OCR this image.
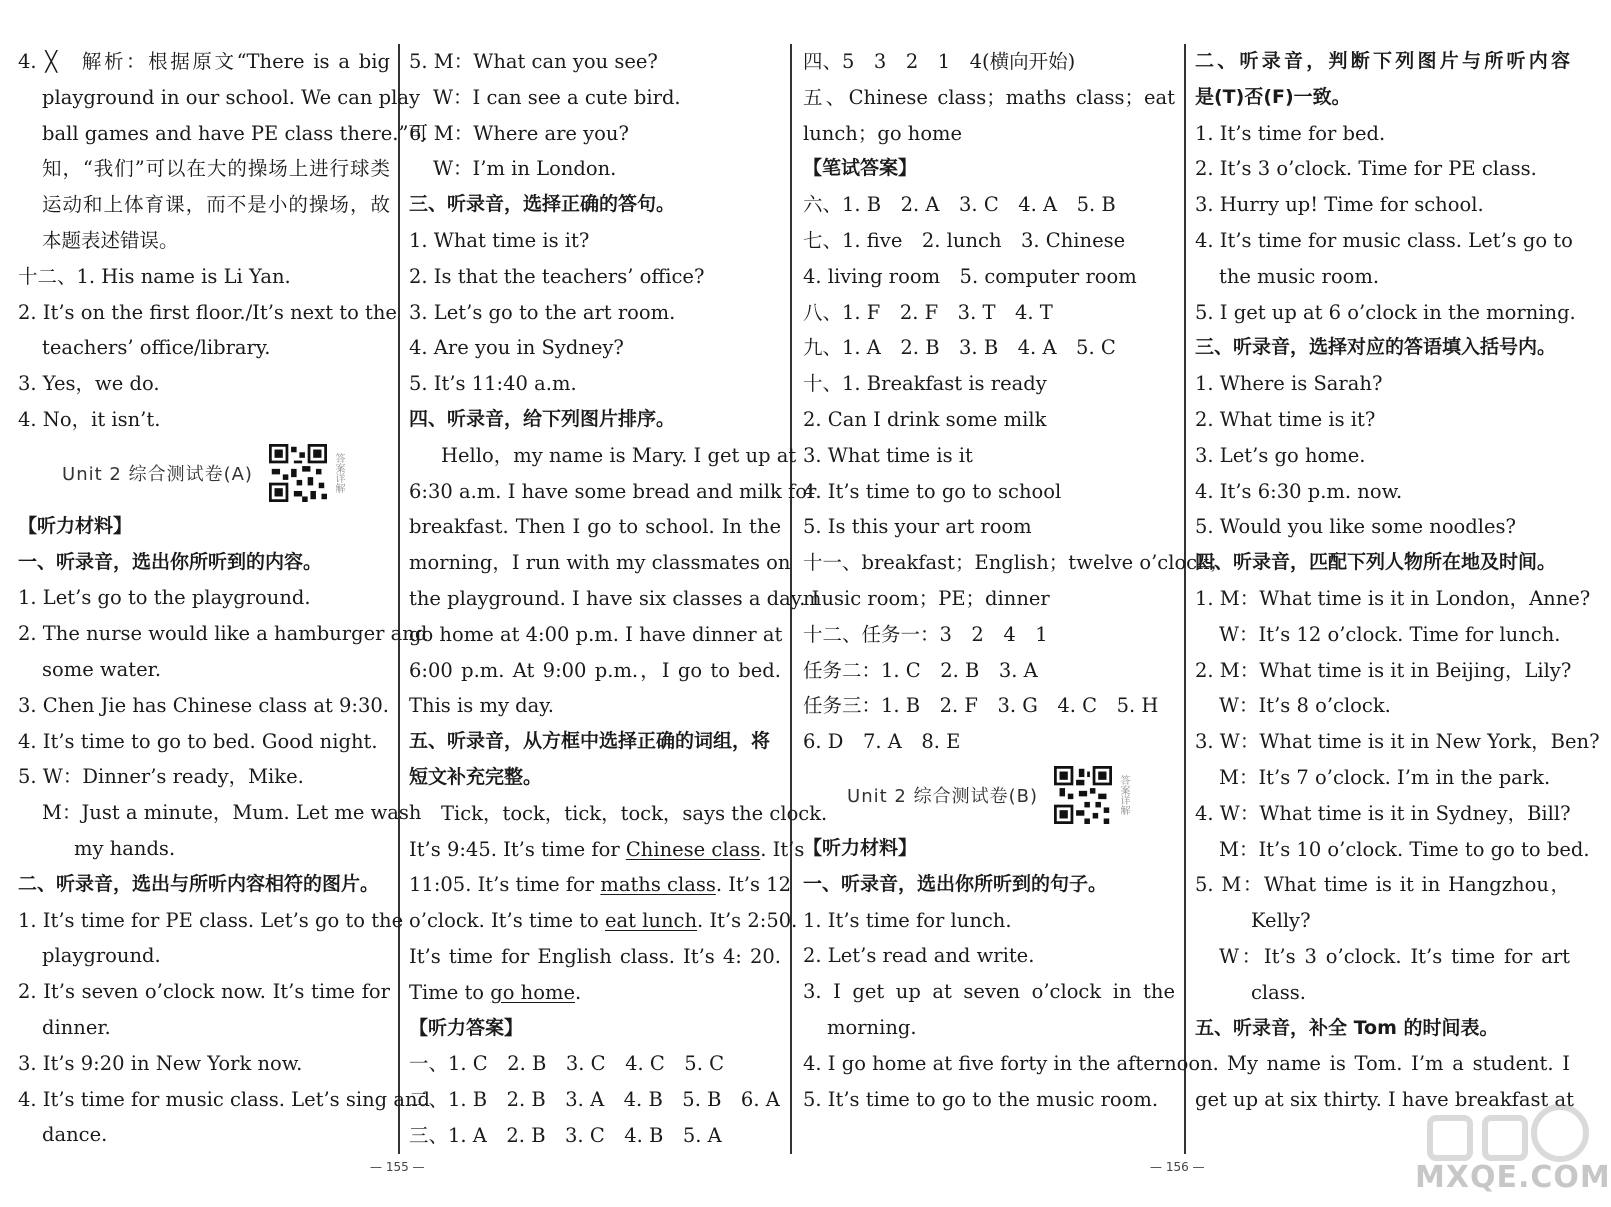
4. ╳　解析：根据原文“There is a big
playground in our school. We can play
ball games and have PE class there.”可
知，“我们”可以在大的操场上进行球类
运动和上体育课，而不是小的操场，故
本题表述错误。
十二、1. His name is Li Yan.
2. It’s on the first floor./It’s next to the
teachers’ office/library.
3. Yes，we do.
4. No，it isn’t.
Unit 2 综合测试卷(A)	答案详解
【听力材料】
一、听录音，选出你所听到的内容。
1. Let’s go to the playground.
2. The nurse would like a hamburger and
some water.
3. Chen Jie has Chinese class at 9:30.
4. It’s time to go to bed. Good night.
5. W：Dinner’s ready，Mike.
M：Just a minute，Mum. Let me wash
my hands.
二、听录音，选出与所听内容相符的图片。
1. It’s time for PE class. Let’s go to the
playground.
2. It’s seven o’clock now. It’s time for
dinner.
3. It’s 9:20 in New York now.
4. It’s time for music class. Let’s sing and
dance.
5. M：What can you see?
W：I can see a cute bird.
6. M：Where are you?
W：I’m in London.
三、听录音，选择正确的答句。
1. What time is it?
2. Is that the teachers’ office?
3. Let’s go to the art room.
4. Are you in Sydney?
5. It’s 11:40 a.m.
四、听录音，给下列图片排序。
Hello，my name is Mary. I get up at
6:30 a.m. I have some bread and milk for
breakfast. Then I go to school. In the
morning，I run with my classmates on
the playground. I have six classes a day. I
go home at 4:00 p.m. I have dinner at
6:00 p.m. At 9:00 p.m.，I go to bed.
This is my day.
五、听录音，从方框中选择正确的词组，将
短文补充完整。
Tick，tock，tick，tock，says the clock.
It’s 9:45. It’s time for Chinese class. It’s
11:05. It’s time for maths class. It’s 12
o’clock. It’s time to eat lunch. It’s 2:50.
It’s time for English class. It’s 4: 20.
Time to go home.
【听力答案】
一、1. C　2. B　3. C　4. C　5. C
二、1. B　2. B　3. A　4. B　5. B　6. A
三、1. A　2. B　3. C　4. B　5. A
四、5　3　2　1　4(横向开始)
五、Chinese class；maths class；eat
lunch；go home
【笔试答案】
六、1. B　2. A　3. C　4. A　5. B
七、1. five　2. lunch　3. Chinese
4. living room　5. computer room
八、1. F　2. F　3. T　4. T
九、1. A　2. B　3. B　4. A　5. C
十、1. Breakfast is ready
2. Can I drink some milk
3. What time is it
4. It’s time to go to school
5. Is this your art room
十一、breakfast；English；twelve o’clock；
music room；PE；dinner
十二、任务一：3　2　4　1
任务二：1. C　2. B　3. A
任务三：1. B　2. F　3. G　4. C　5. H
6. D　7. A　8. E
Unit 2 综合测试卷(B)	答案详解
【听力材料】
一、听录音，选出你所听到的句子。
1. It’s time for lunch.
2. Let’s read and write.
3. I get up at seven o’clock in the
morning.
4. I go home at five forty in the afternoon.
5. It’s time to go to the music room.
二、听录音，判断下列图片与所听内容
是(T)否(F)一致。
1. It’s time for bed.
2. It’s 3 o’clock. Time for PE class.
3. Hurry up! Time for school.
4. It’s time for music class. Let’s go to
the music room.
5. I get up at 6 o’clock in the morning.
三、听录音，选择对应的答语填入括号内。
1. Where is Sarah?
2. What time is it?
3. Let’s go home.
4. It’s 6:30 p.m. now.
5. Would you like some noodles?
四、听录音，匹配下列人物所在地及时间。
1. M：What time is it in London，Anne?
W：It’s 12 o’clock. Time for lunch.
2. M：What time is it in Beijing，Lily?
W：It’s 8 o’clock.
3. W：What time is it in New York，Ben?
M：It’s 7 o’clock. I’m in the park.
4. W：What time is it in Sydney，Bill?
M：It’s 10 o’clock. Time to go to bed.
5. M：What time is it in Hangzhou，
Kelly?
W：It’s 3 o’clock. It’s time for art
class.
五、听录音，补全 Tom 的时间表。
My name is Tom. I’m a student. I
get up at six thirty. I have breakfast at
— 155 —	— 156 —	MXQE.COM
